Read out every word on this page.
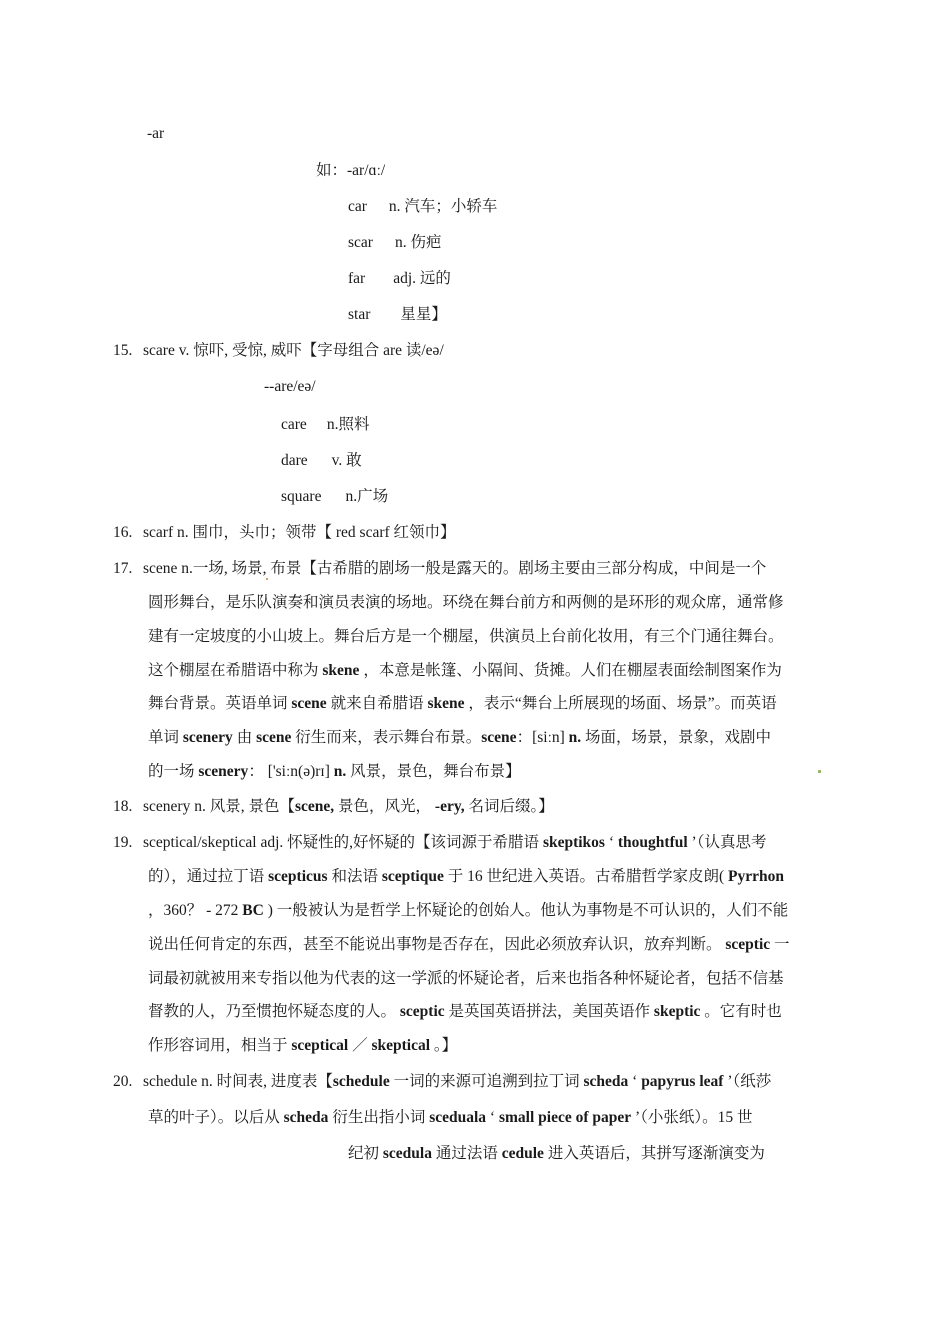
-ar
如：-ar/ɑː/
car n. 汽车；小轿车
scar n. 伤疤
far adj. 远的
star 星星】
15. scare v. 惊吓, 受惊, 威吓【字母组合 are 读/eə/
--are/eə/
care n.照料
dare v. 敢
square n.广场
16. scarf n. 围巾，头巾；领带【 red scarf 红领巾】
17. scene n.一场, 场景, 布景【古希腊的剧场一般是露天的。剧场主要由三部分构成，中间是一个
圆形舞台，是乐队演奏和演员表演的场地。环绕在舞台前方和两侧的是环形的观众席，通常修
建有一定坡度的小山坡上。舞台后方是一个棚屋，供演员上台前化妆用，有三个门通往舞台。
这个棚屋在希腊语中称为 skene ，本意是帐篷、小隔间、货摊。人们在棚屋表面绘制图案作为
舞台背景。英语单词 scene 就来自希腊语 skene ，表示“舞台上所展现的场面、场景”。而英语
单词 scenery 由 scene 衍生而来，表示舞台布景。scene：[siːn] n. 场面，场景，景象，戏剧中
的一场 scenery： ['siːn(ə)rɪ] n. 风景，景色，舞台布景】
18. scenery n. 风景, 景色【scene, 景色，风光， -ery, 名词后缀。】
19. sceptical/skeptical adj. 怀疑性的,好怀疑的【该词源于希腊语 skeptikos ‘ thoughtful ’（认真思考
的），通过拉丁语 scepticus 和法语 sceptique 于 16 世纪进入英语。古希腊哲学家皮朗( Pyrrhon
，360？ - 272 BC ) 一般被认为是哲学上怀疑论的创始人。他认为事物是不可认识的，人们不能
说出任何肯定的东西，甚至不能说出事物是否存在，因此必须放弃认识，放弃判断。 sceptic 一
词最初就被用来专指以他为代表的这一学派的怀疑论者，后来也指各种怀疑论者，包括不信基
督教的人，乃至惯抱怀疑态度的人。 sceptic 是英国英语拼法，美国英语作 skeptic 。它有时也
作形容词用，相当于 sceptical ／ skeptical 。】
20. schedule n. 时间表, 进度表【schedule 一词的来源可追溯到拉丁词 scheda ‘ papyrus leaf ’（纸莎
草的叶子）。以后从 scheda 衍生出指小词 sceduala ‘ small piece of paper ’（小张纸）。15 世
纪初 scedula 通过法语 cedule 进入英语后，其拼写逐渐演变为
